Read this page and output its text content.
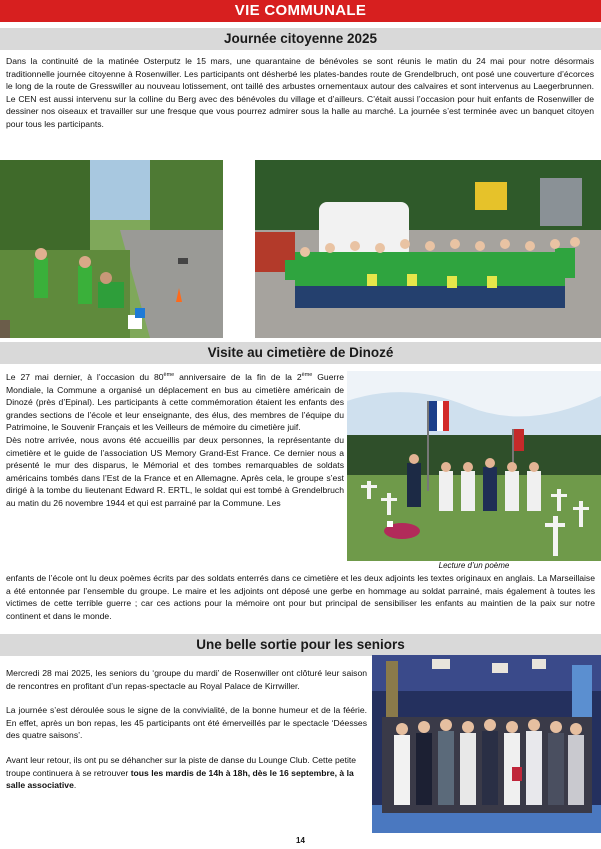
VIE COMMUNALE
Journée citoyenne 2025

Dans la continuité de la matinée Osterputz le 15 mars, une quarantaine de bénévoles se sont réunis le matin du 24 mai pour notre désormais traditionnelle journée citoyenne à Rosenwiller. Les participants ont désherbé les plates-bandes route de Grendelbruch, ont posé une couverture d’écorces le long de la route de Gresswiller au nouveau lotissement, ont taillé des arbustes ornementaux autour des calvaires et sont intervenus au Laegerbrunnen. Le CEN est aussi intervenu sur la colline du Berg avec des bénévoles du village et d’ailleurs. C’était aussi l’occasion pour huit enfants de Rosenwiller de dessiner nos oiseaux et travailler sur une fresque que vous pourrez admirer sous la halle au marché. La journée s’est terminée avec un banquet citoyen pour tous les participants.

Visite au cimetière de Dinozé

Le 27 mai dernier, à l’occasion du 80ème anniversaire de la fin de la 2ème Guerre Mondiale, la Commune a organisé un déplacement en bus au cimetière américain de Dinozé (près d’Epinal). Les participants à cette commémoration étaient les enfants des grandes sections de l’école et leur enseignante, des élus, des membres de l’équipe du Patrimoine, le Souvenir Français et les Veilleurs de mémoire du cimetière juif.

Dès notre arrivée, nous avons été accueillis par deux personnes, la représentante du cimetière et le guide de l’association US Memory Grand-Est France. Ce dernier nous a présenté le mur des disparus, le Mémorial et des tombes remarquables de soldats américains tombés dans l’Est de la France et en Allemagne. Après cela, le groupe s’est dirigé à la tombe du lieutenant Edward R. ERTL, le soldat qui est tombé à Grendelbruch au matin du 26 novembre 1944 et qui est parrainé par la Commune. Les

Lecture d’un poème

enfants de l’école ont lu deux poèmes écrits par des soldats enterrés dans ce cimetière et les deux adjoints les textes originaux en anglais. La Marseillaise a été entonnée par l’ensemble du groupe. Le maire et les adjoints ont déposé une gerbe en hommage au soldat parrainé, mais également à toutes les victimes de cette terrible guerre ; car ces actions pour la mémoire ont pour but principal de sensibiliser les enfants au maintien de la paix sur notre continent et dans le monde.

Une belle sortie pour les seniors

Mercredi 28 mai 2025, les seniors du ‘groupe du mardi’ de Rosenwiller ont clôturé leur saison de rencontres en profitant d’un repas-spectacle au Royal Palace de Kirrwiller.

La journée s’est déroulée sous le signe de la convivialité, de la bonne humeur et de la féérie. En effet, après un bon repas, les 45 participants ont été émerveillés par le spectacle ‘Déesses des quatre saisons’.

Avant leur retour, ils ont pu se déhancher sur la piste de danse du Lounge Club. Cette petite troupe continuera à se retrouver tous les mardis de 14h à 18h, dès le 16 septembre, à la salle associative.

14
